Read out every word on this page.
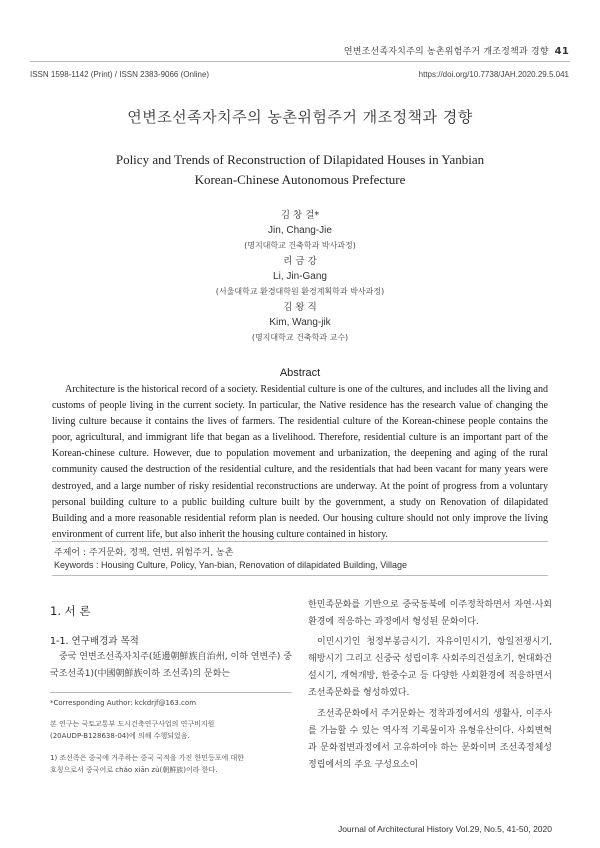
연변조선족자치주의 농촌위험주거 개조정책과 경향 41
ISSN 1598-1142 (Print) / ISSN 2383-9066 (Online)	https://doi.org/10.7738/JAH.2020.29.5.041
연변조선족자치주의 농촌위험주거 개조정책과 경향
Policy and Trends of Reconstruction of Dilapidated Houses in Yanbian
Korean-Chinese Autonomous Prefecture
김 창 걸*
Jin, Chang-Jie
(명지대학교 건축학과 박사과정)
리 금 강
Li, Jin-Gang
(서울대학교 환경대학원 환경계획학과 박사과정)
김 왕 직
Kim, Wang-jik
(명지대학교 건축학과 교수)
Abstract
Architecture is the historical record of a society. Residential culture is one of the cultures, and includes all the living and customs of people living in the current society. In particular, the Native residence has the research value of changing the living culture because it contains the lives of farmers. The residential culture of the Korean-chinese people contains the poor, agricultural, and immigrant life that began as a livelihood. Therefore, residential culture is an important part of the Korean-chinese culture. However, due to population movement and urbanization, the deepening and aging of the rural community caused the destruction of the residential culture, and the residentials that had been vacant for many years were destroyed, and a large number of risky residential reconstructions are underway. At the point of progress from a voluntary personal building culture to a public building culture built by the government, a study on Renovation of dilapidated Building and a more reasonable residential reform plan is needed. Our housing culture should not only improve the living environment of current life, but also inherit the housing culture contained in history.
주제어 : 주거문화, 정책, 연변, 위험주거, 농촌
Keywords : Housing Culture, Policy, Yan-bian, Renovation of dilapidated Building, Village
1. 서 론
1-1. 연구배경과 목적
중국 연변조선족자치주(延邊朝鮮族自治州, 이하 연변주) 중국조선족1)(中國朝鮮族이하 조선족)의 문화는
*Corresponding Author: kckdrjf@163.com
본 연구는 국토교통부 도시건축연구사업의 연구비지원
(20AUDP-B128638-04)에 의해 수행되었음.
1) 조선족은 중국에 거주하는 중국 국적을 가진 한민등포에 대한
호칭으로서 중국어로 cháo xiān zú(朝鮮族)이라 한다.

한민족문화를 기반으로 중국동북에 이주정착하면서 자연·사회환경에 적응하는 과정에서 형성된 문화이다.

이민시기인 청정부봉금시기, 자유이민시기, 항일전쟁시기, 해방시기 그리고 신중국 성립이후 사회주의건설초기, 현대화건설시기, 개혁개방, 한중수교 등 다양한 사회환경에 적응하면서 조선족문화를 형성하였다.

조선족문화에서 주거문화는 정착과정에서의 생활사, 이주사를 가늠할 수 있는 역사적 기록물이자 유형유산이다. 사회변혁과 문화접변과정에서 고유하여야 하는 문화이며 조선족정체성 정립에서의 주요 구성요소이

Journal of Architectural History Vol.29, No.5, 41-50, 2020
